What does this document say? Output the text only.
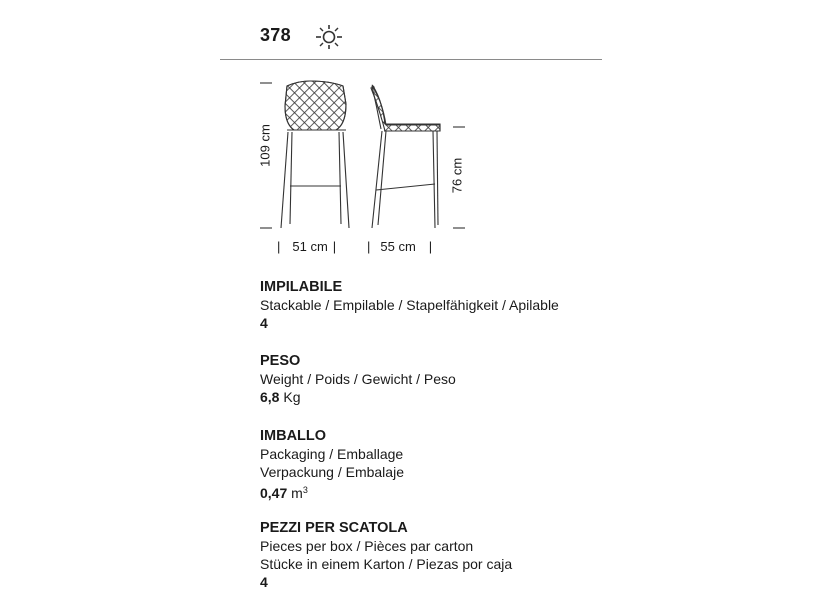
378
109 cm
76 cm
| 51 cm | | 55 cm |
IMPILABILE
Stackable / Empilable / Stapelfähigkeit / Apilable
4
PESO
Weight / Poids / Gewicht / Peso
6,8 Kg
IMBALLO
Packaging / Emballage
Verpackung / Embalaje
0,47 $m^3$
PEZZI PER SCATOLA
Pieces per box / Pièces par carton
Stücke in einem Karton / Piezas por caja
4
